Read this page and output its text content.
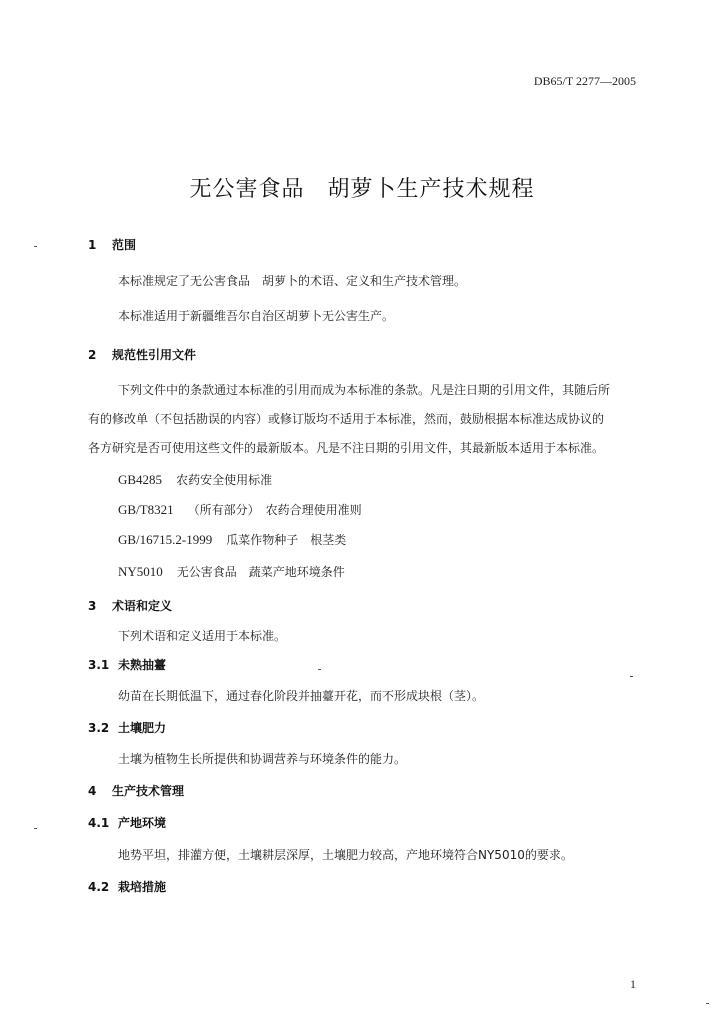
DB65/T 2277—2005
无公害食品　胡萝卜生产技术规程
1 范围
本标准规定了无公害食品　胡萝卜的术语、定义和生产技术管理。
本标准适用于新疆维吾尔自治区胡萝卜无公害生产。
2 规范性引用文件
下列文件中的条款通过本标准的引用而成为本标准的条款。凡是注日期的引用文件，其随后所
有的修改单（不包括勘误的内容）或修订版均不适用于本标准，然而，鼓励根据本标准达成协议的
各方研究是否可使用这些文件的最新版本。凡是不注日期的引用文件，其最新版本适用于本标准。
GB4285 农药安全使用标准
GB/T8321 （所有部分）　农药合理使用准则
GB/16715.2-1999 瓜菜作物种子　根茎类
NY5010 无公害食品　蔬菜产地环境条件
3 术语和定义
下列术语和定义适用于本标准。
3.1 未熟抽薹
幼苗在长期低温下，通过春化阶段并抽薹开花，而不形成块根（茎）。
3.2 土壤肥力
土壤为植物生长所提供和协调营养与环境条件的能力。
4 生产技术管理
4.1 产地环境
地势平坦，排灌方便，土壤耕层深厚，土壤肥力较高，产地环境符合NY5010的要求。
4.2 栽培措施
1
